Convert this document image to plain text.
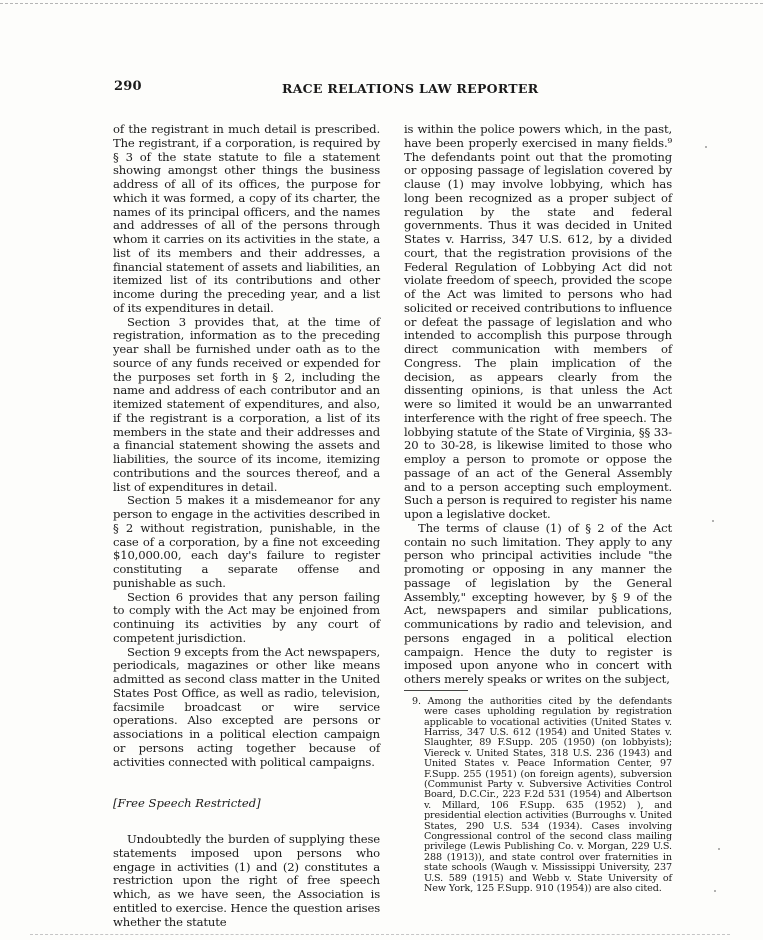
290	RACE RELATIONS LAW REPORTER

of the registrant in much detail is prescribed. The registrant, if a corporation, is required by § 3 of the state statute to file a statement showing amongst other things the business address of all of its offices, the purpose for which it was formed, a copy of its charter, the names of its principal officers, and the names and addresses of all of the persons through whom it carries on its activities in the state, a list of its members and their addresses, a financial statement of assets and liabilities, an itemized list of its contributions and other income during the preceding year, and a list of its expenditures in detail.

Section 3 provides that, at the time of registration, information as to the preceding year shall be furnished under oath as to the source of any funds received or expended for the purposes set forth in § 2, including the name and address of each contributor and an itemized statement of expenditures, and also, if the registrant is a corporation, a list of its members in the state and their addresses and a financial statement showing the assets and liabilities, the source of its income, itemizing contributions and the sources thereof, and a list of expenditures in detail.

Section 5 makes it a misdemeanor for any person to engage in the activities described in § 2 without registration, punishable, in the case of a corporation, by a fine not exceeding $10,000.00, each day's failure to register constituting a separate offense and punishable as such.

Section 6 provides that any person failing to comply with the Act may be enjoined from continuing its activities by any court of competent jurisdiction.

Section 9 excepts from the Act newspapers, periodicals, magazines or other like means admitted as second class matter in the United States Post Office, as well as radio, television, facsimile broadcast or wire service operations. Also excepted are persons or associations in a political election campaign or persons acting together because of activities connected with political campaigns.

[Free Speech Restricted]

Undoubtedly the burden of supplying these statements imposed upon persons who engage in activities (1) and (2) constitutes a restriction upon the right of free speech which, as we have seen, the Association is entitled to exercise. Hence the question arises whether the statute

is within the police powers which, in the past, have been properly exercised in many fields.⁹ The defendants point out that the promoting or opposing passage of legislation covered by clause (1) may involve lobbying, which has long been recognized as a proper subject of regulation by the state and federal governments. Thus it was decided in United States v. Harriss, 347 U.S. 612, by a divided court, that the registration provisions of the Federal Regulation of Lobbying Act did not violate freedom of speech, provided the scope of the Act was limited to persons who had solicited or received contributions to influence or defeat the passage of legislation and who intended to accomplish this purpose through direct communication with members of Congress. The plain implication of the decision, as appears clearly from the dissenting opinions, is that unless the Act were so limited it would be an unwarranted interference with the right of free speech. The lobbying statute of the State of Virginia, §§ 33-20 to 30-28, is likewise limited to those who employ a person to promote or oppose the passage of an act of the General Assembly and to a person accepting such employment. Such a person is required to register his name upon a legislative docket.

The terms of clause (1) of § 2 of the Act contain no such limitation. They apply to any person who principal activities include "the promoting or opposing in any manner the passage of legislation by the General Assembly," excepting however, by § 9 of the Act, newspapers and similar publications, communications by radio and television, and persons engaged in a political election campaign. Hence the duty to register is imposed upon anyone who in concert with others merely speaks or writes on the subject,

9. Among the authorities cited by the defendants were cases upholding regulation by registration applicable to vocational activities (United States v. Harriss, 347 U.S. 612 (1954) and United States v. Slaughter, 89 F.Supp. 205 (1950) (on lobbyists); Viereck v. United States, 318 U.S. 236 (1943) and United States v. Peace Information Center, 97 F.Supp. 255 (1951) (on foreign agents), subversion (Communist Party v. Subversive Activities Control Board, D.C.Cir., 223 F.2d 531 (1954) and Albertson v. Millard, 106 F.Supp. 635 (1952) ), and presidential election activities (Burroughs v. United States, 290 U.S. 534 (1934). Cases involving Congressional control of the second class mailing privilege (Lewis Publishing Co. v. Morgan, 229 U.S. 288 (1913)), and state control over fraternities in state schools (Waugh v. Mississippi University, 237 U.S. 589 (1915) and Webb v. State University of New York, 125 F.Supp. 910 (1954)) are also cited.
